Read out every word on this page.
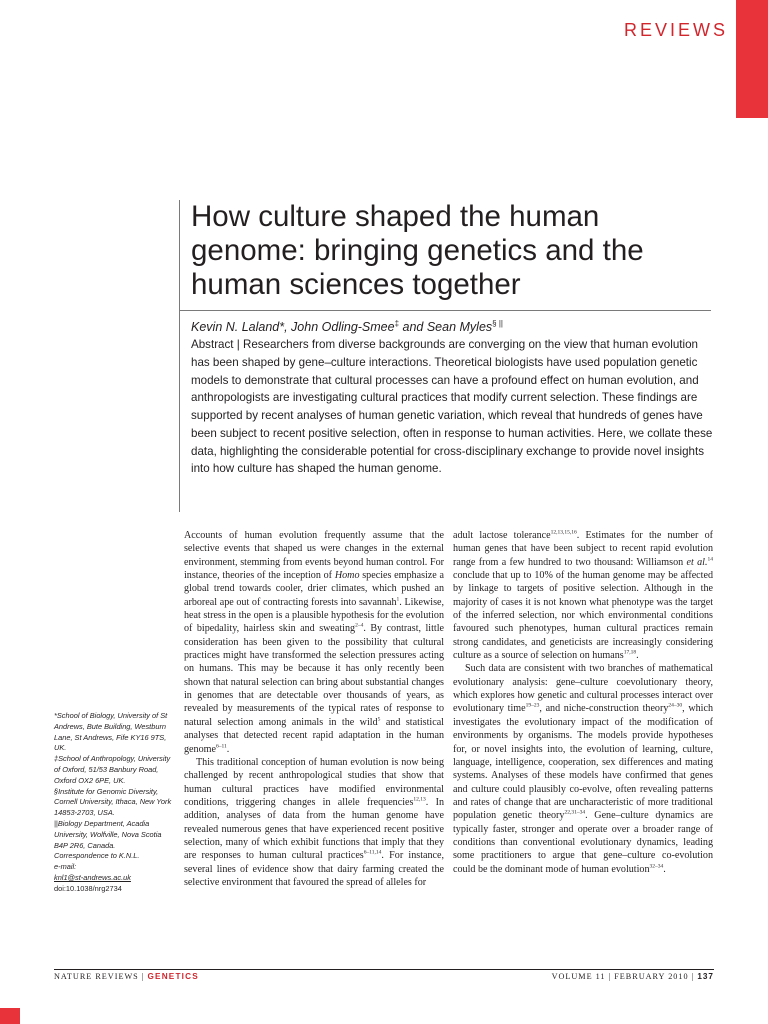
REVIEWS
How culture shaped the human genome: bringing genetics and the human sciences together
Kevin N. Laland*, John Odling-Smee‡ and Sean Myles§ ||

Abstract | Researchers from diverse backgrounds are converging on the view that human evolution has been shaped by gene–culture interactions. Theoretical biologists have used population genetic models to demonstrate that cultural processes can have a profound effect on human evolution, and anthropologists are investigating cultural practices that modify current selection. These findings are supported by recent analyses of human genetic variation, which reveal that hundreds of genes have been subject to recent positive selection, often in response to human activities. Here, we collate these data, highlighting the considerable potential for cross-disciplinary exchange to provide novel insights into how culture has shaped the human genome.

Accounts of human evolution frequently assume that the selective events that shaped us were changes in the external environment, stemming from events beyond human control. For instance, theories of the inception of Homo species emphasize a global trend towards cooler, drier climates, which pushed an arboreal ape out of contracting forests into savannah$^1$. Likewise, heat stress in the open is a plausible hypothesis for the evolution of bipedality, hairless skin and sweating$^{2-4}$. By contrast, little consideration has been given to the possibility that cultural practices might have transformed the selection pressures acting on humans. This may be because it has only recently been shown that natural selection can bring about substantial changes in genomes that are detectable over thousands of years, as revealed by measurements of the typical rates of response to natural selection among animals in the wild$^5$ and statistical analyses that detected recent rapid adaptation in the human genome$^{6-11}$.

This traditional conception of human evolution is now being challenged by recent anthropological studies that show that human cultural practices have modified environmental conditions, triggering changes in allele frequencies$^{12,13}$. In addition, analyses of data from the human genome have revealed numerous genes that have experienced recent positive selection, many of which exhibit functions that imply that they are responses to human cultural practices$^{6-11,14}$. For instance, several lines of evidence show that dairy farming created the selective environment that favoured the spread of alleles for

adult lactose tolerance$^{12,13,15,16}$. Estimates for the number of human genes that have been subject to recent rapid evolution range from a few hundred to two thousand: Williamson et al.$^{14}$ conclude that up to 10% of the human genome may be affected by linkage to targets of positive selection. Although in the majority of cases it is not known what phenotype was the target of the inferred selection, nor which environmental conditions favoured such phenotypes, human cultural practices remain strong candidates, and geneticists are increasingly considering culture as a source of selection on humans$^{17,18}$.

Such data are consistent with two branches of mathematical evolutionary analysis: gene–culture coevolutionary theory, which explores how genetic and cultural processes interact over evolutionary time$^{19-23}$, and niche-construction theory$^{24-30}$, which investigates the evolutionary impact of the modification of environments by organisms. The models provide hypotheses for, or novel insights into, the evolution of learning, culture, language, intelligence, cooperation, sex differences and mating systems. Analyses of these models have confirmed that genes and culture could plausibly co-evolve, often revealing patterns and rates of change that are uncharacteristic of more traditional population genetic theory$^{22,31-34}$. Gene–culture dynamics are typically faster, stronger and operate over a broader range of conditions than conventional evolutionary dynamics, leading some practitioners to argue that gene–culture co-evolution could be the dominant mode of human evolution$^{32-34}$.

*School of Biology, University of St Andrews, Bute Building, Westburn Lane, St Andrews, Fife KY16 9TS, UK.
‡School of Anthropology, University of Oxford, 51/53 Banbury Road, Oxford OX2 6PE, UK.
§Institute for Genomic Diversity, Cornell University, Ithaca, New York 14853-2703, USA.
||Biology Department, Acadia University, Wolfville, Nova Scotia B4P 2R6, Canada.
Correspondence to K.N.L.
e-mail:
knl1@st-andrews.ac.uk
doi:10.1038/nrg2734
NATURE REVIEWS | GENETICS	VOLUME 11 | FEBRUARY 2010 | 137
